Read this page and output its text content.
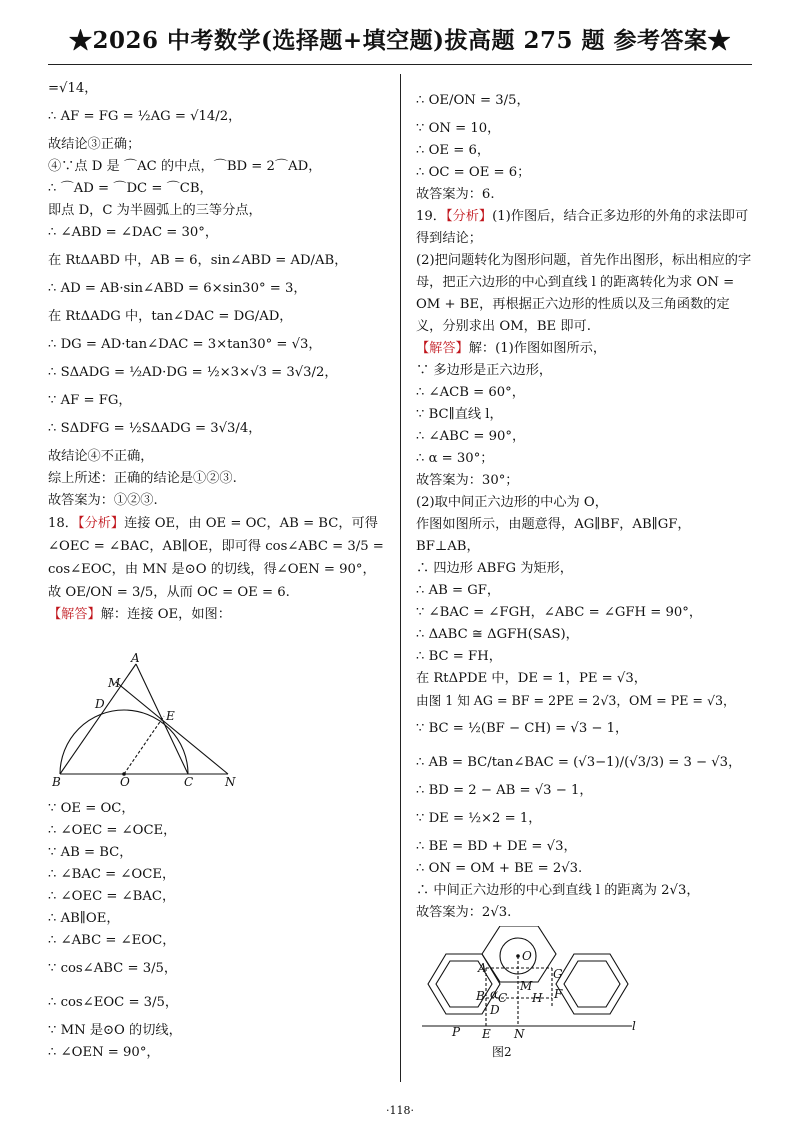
★2026 中考数学(选择题+填空题)拔高题 275 题 参考答案★
=√14，
∴ AF = FG = ½AG = √14/2，
故结论③正确；
④∵点 D 是 ⌒AC 的中点，⌒BD = 2⌒AD，
∴ ⌒AD = ⌒DC = ⌒CB，
即点 D，C 为半圆弧上的三等分点，
∴ ∠ABD = ∠DAC = 30°，
在 RtΔABD 中，AB = 6，sin∠ABD = AD/AB，
∴ AD = AB·sin∠ABD = 6×sin30° = 3，
在 RtΔADG 中，tan∠DAC = DG/AD，
∴ DG = AD·tan∠DAC = 3×tan30° = √3，
∴ SΔADG = ½AD·DG = ½×3×√3 = 3√3/2，
∵ AF = FG，
∴ SΔDFG = ½SΔADG = 3√3/4，
故结论④不正确，
综上所述：正确的结论是①②③.
故答案为：①②③.
18．【分析】连接 OE，由 OE = OC，AB = BC，可得∠OEC = ∠BAC，AB∥OE，即可得 cos∠ABC = 3/5 = cos∠EOC，由 MN 是⊙O 的切线，得∠OEN = 90°，故 OE/ON = 3/5，从而 OC = OE = 6.
【解答】解：连接 OE，如图：
A
M
D
E
B	O	C	N
∵ OE = OC，
∴ ∠OEC = ∠OCE，
∵ AB = BC，
∴ ∠BAC = ∠OCE，
∴ ∠OEC = ∠BAC，
∴ AB∥OE，
∴ ∠ABC = ∠EOC，
∵ cos∠ABC = 3/5，
∴ cos∠EOC = 3/5，
∵ MN 是⊙O 的切线，
∴ ∠OEN = 90°，
∴ OE/ON = 3/5，
∵ ON = 10，
∴ OE = 6，
∴ OC = OE = 6；
故答案为：6.
19．【分析】(1)作图后，结合正多边形的外角的求法即可得到结论；
(2)把问题转化为图形问题，首先作出图形，标出相应的字母，把正六边形的中心到直线 l 的距离转化为求 ON = OM + BE，再根据正六边形的性质以及三角函数的定义，分别求出 OM，BE 即可.
【解答】解：(1)作图如图所示，
∵ 多边形是正六边形，
∴ ∠ACB = 60°，
∵ BC∥直线 l，
∴ ∠ABC = 90°，
∴ α = 30°；
故答案为：30°；
(2)取中间正六边形的中心为 O，
作图如图所示，由题意得，AG∥BF，AB∥GF，BF⊥AB，
∴ 四边形 ABFG 为矩形，
∴ AB = GF，
∵ ∠BAC = ∠FGH，∠ABC = ∠GFH = 90°，
∴ ΔABC ≅ ΔGFH(SAS)，
∴ BC = FH，
在 RtΔPDE 中，DE = 1，PE = √3，
由图 1 知 AG = BF = 2PE = 2√3，OM = PE = √3，
∵ BC = ½(BF − CH) = √3 − 1，
∴ AB = BC/tan∠BAC = (√3−1)/(√3/3) = 3 − √3，
∴ BD = 2 − AB = √3 − 1，
∵ DE = ½×2 = 1，
∴ BE = BD + DE = √3，
∴ ON = OM + BE = 2√3.
∴ 中间正六边形的中心到直线 l 的距离为 2√3，
故答案为：2√3.
O
A	G
M
α
B C H F
D
P E N
l
图2
·118·
